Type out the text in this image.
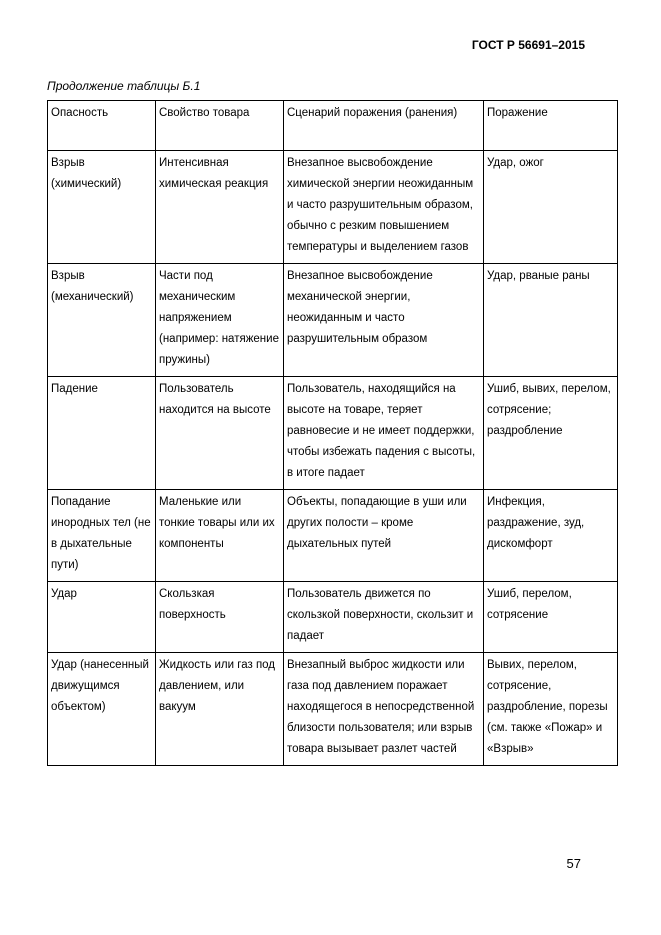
ГОСТ Р 56691–2015
Продолжение таблицы Б.1
Опасность	Свойство товара	Сценарий поражения (ранения)	Поражение
Взрыв (химический)	Интенсивная химическая реакция	Внезапное высвобождение химической энергии неожиданным и часто разрушительным образом, обычно с резким повышением температуры и выделением газов	Удар, ожог
Взрыв (механический)	Части под механическим напряжением (например: натяжение пружины)	Внезапное высвобождение механической энергии, неожиданным и часто разрушительным образом	Удар, рваные раны
Падение	Пользователь находится на высоте	Пользователь, находящийся на высоте на товаре, теряет равновесие и не имеет поддержки, чтобы избежать падения с высоты, в итоге падает	Ушиб, вывих, перелом, сотрясение; раздробление
Попадание инородных тел (не в дыхательные пути)	Маленькие или тонкие товары или их компоненты	Объекты, попадающие в уши или других полости – кроме дыхательных путей	Инфекция, раздражение, зуд, дискомфорт
Удар	Скользкая поверхность	Пользователь движется по скользкой поверхности, скользит и падает	Ушиб, перелом, сотрясение
Удар (нанесенный движущимся объектом)	Жидкость или газ под давлением, или вакуум	Внезапный выброс жидкости или газа под давлением поражает находящегося в непосредственной близости пользователя; или взрыв товара вызывает разлет частей	Вывих, перелом, сотрясение, раздробление, порезы (см. также «Пожар» и «Взрыв»
57
